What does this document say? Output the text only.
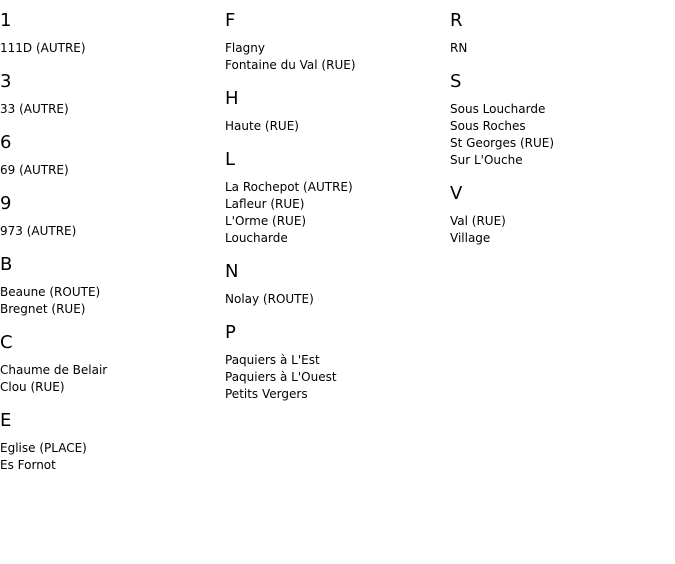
1
111D (AUTRE)
3
33 (AUTRE)
6
69 (AUTRE)
9
973 (AUTRE)
B
Beaune (ROUTE)
Bregnet (RUE)
C
Chaume de Belair
Clou (RUE)
E
Eglise (PLACE)
Es Fornot
F
Flagny
Fontaine du Val (RUE)
H
Haute (RUE)
L
La Rochepot (AUTRE)
Lafleur (RUE)
L'Orme (RUE)
Loucharde
N
Nolay (ROUTE)
P
Paquiers à L'Est
Paquiers à L'Ouest
Petits Vergers
R
RN
S
Sous Loucharde
Sous Roches
St Georges (RUE)
Sur L'Ouche
V
Val (RUE)
Village
